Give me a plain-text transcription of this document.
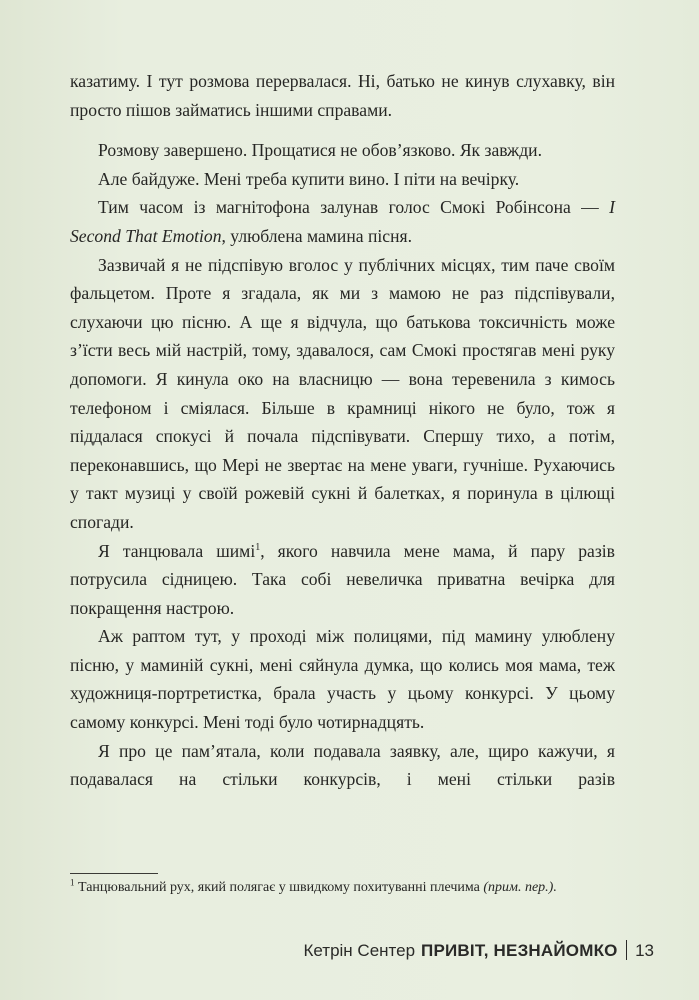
казатиму. І тут розмова перервалася. Ні, батько не кинув слухавку, він просто пішов займатись іншими справами.

Розмову завершено. Прощатися не обов’язково. Як завжди.

Але байдуже. Мені треба купити вино. І піти на вечірку.

Тим часом із магнітофона залунав голос Смокі Робінсона — I Second That Emotion, улюблена мамина пісня.

Зазвичай я не підспівую вголос у публічних місцях, тим паче своїм фальцетом. Проте я згадала, як ми з мамою не раз підспівували, слухаючи цю пісню. А ще я відчула, що батькова токсичність може з’їсти весь мій настрій, тому, здавалося, сам Смокі простягав мені руку допомоги. Я кинула око на власницю — вона теревенила з кимось телефоном і сміялася. Більше в крамниці нікого не було, тож я піддалася спокусі й почала підспівувати. Спершу тихо, а потім, переконавшись, що Мері не звертає на мене уваги, гучніше. Рухаючись у такт музиці у своїй рожевій сукні й балетках, я поринула в цілющі спогади.

Я танцювала шимі$^1$, якого навчила мене мама, й пару разів потрусила сідницею. Така собі невеличка приватна вечірка для покращення настрою.

Аж раптом тут, у проході між полицями, під мамину улюблену пісню, у маминій сукні, мені сяйнула думка, що колись моя мама, теж художниця-портретистка, брала участь у цьому конкурсі. У цьому самому конкурсі. Мені тоді було чотирнадцять.

Я про це пам’ятала, коли подавала заявку, але, щиро кажучи, я подавалася на стільки конкурсів, і мені стільки разів

$^1$ Танцювальний рух, який полягає у швидкому похитуванні плечима (прим. пер.).
Кетрін Сентер ПРИВІТ, НЕЗНАЙОМКО 13
